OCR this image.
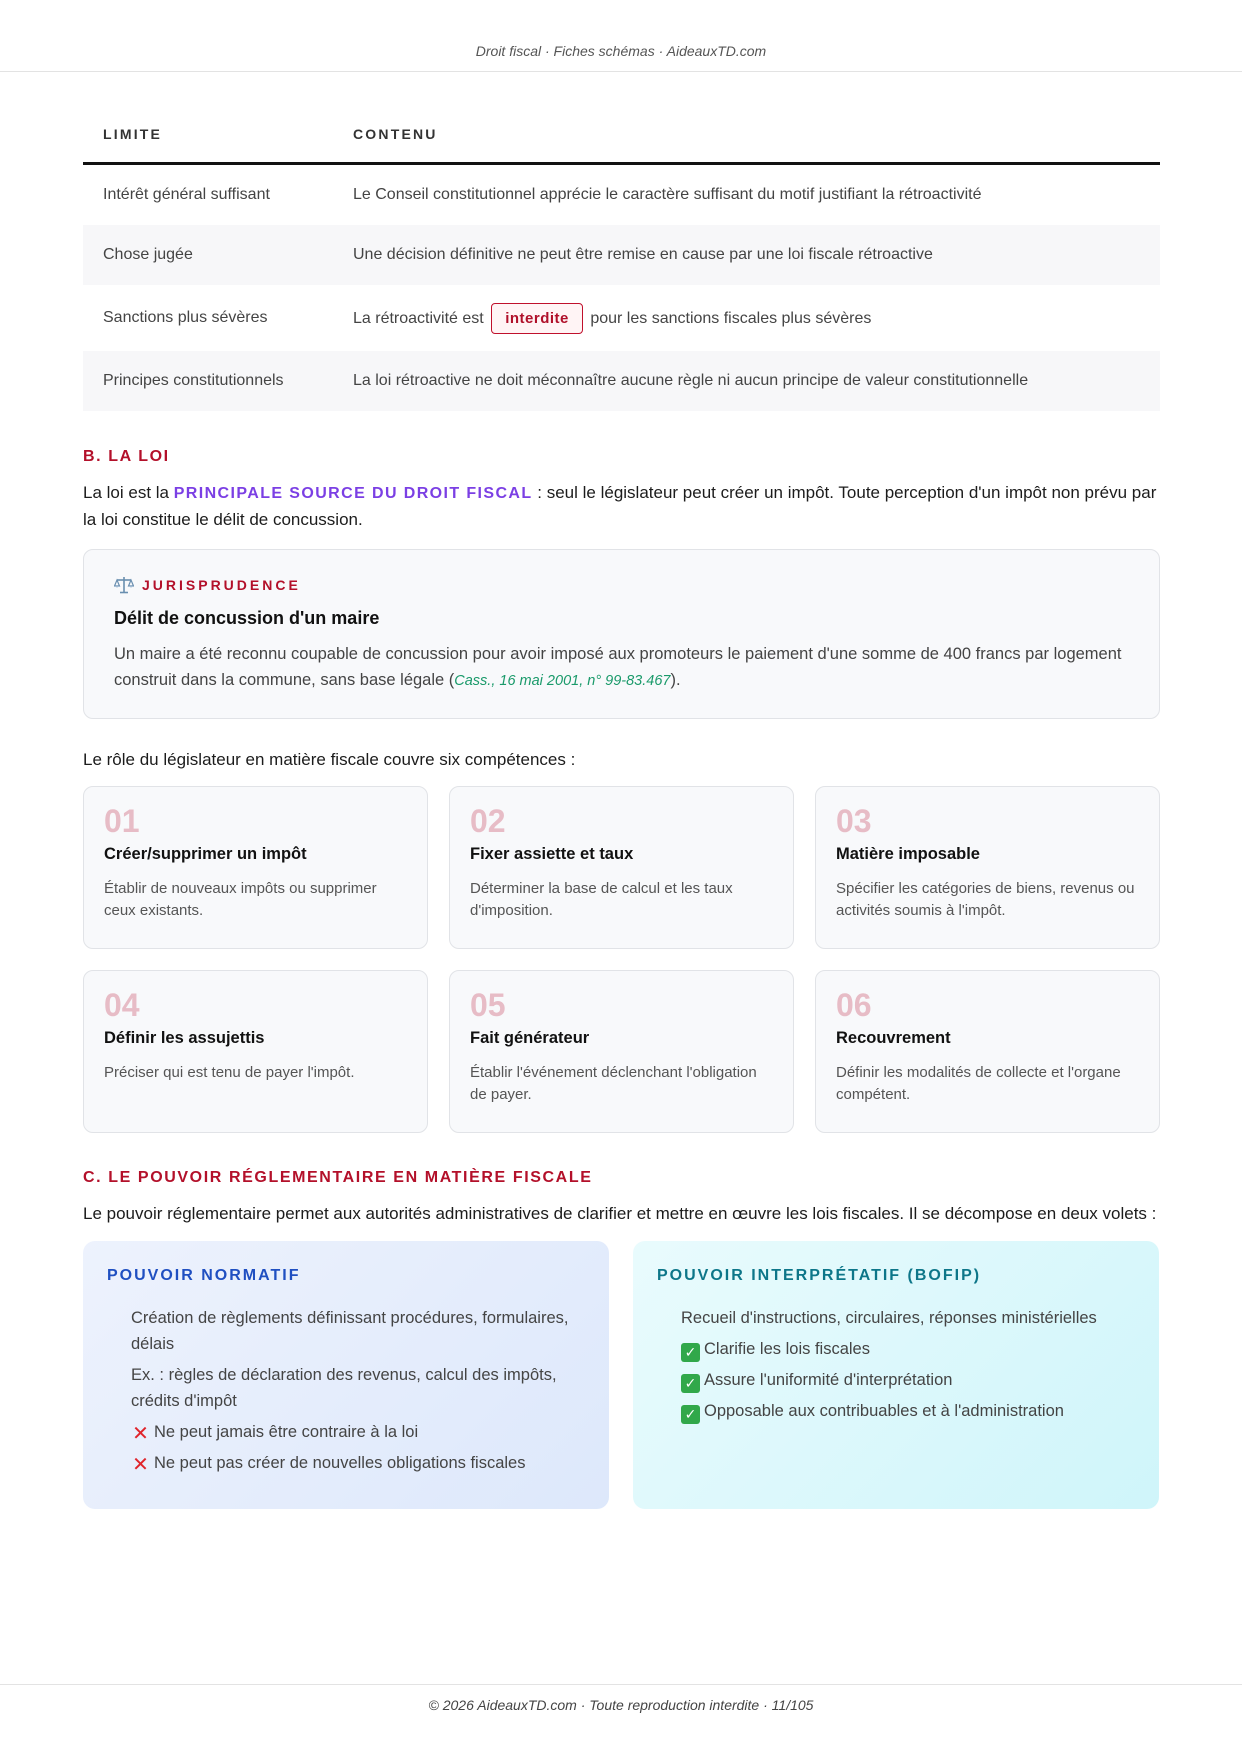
Droit fiscal · Fiches schémas · AideauxTD.com
LIMITE	CONTENU
Intérêt général suffisant	Le Conseil constitutionnel apprécie le caractère suffisant du motif justifiant la rétroactivité
Chose jugée	Une décision définitive ne peut être remise en cause par une loi fiscale rétroactive
Sanctions plus sévères	La rétroactivité est interdite pour les sanctions fiscales plus sévères
Principes constitutionnels	La loi rétroactive ne doit méconnaître aucune règle ni aucun principe de valeur constitutionnelle
B. LA LOI

La loi est la PRINCIPALE SOURCE DU DROIT FISCAL : seul le législateur peut créer un impôt. Toute perception d'un impôt non prévu par la loi constitue le délit de concussion.

JURISPRUDENCE
Délit de concussion d'un maire

Un maire a été reconnu coupable de concussion pour avoir imposé aux promoteurs le paiement d'une somme de 400 francs par logement construit dans la commune, sans base légale (Cass., 16 mai 2001, n° 99-83.467).

Le rôle du législateur en matière fiscale couvre six compétences :

01
Créer/supprimer un impôt
Établir de nouveaux impôts ou supprimer ceux existants.
02
Fixer assiette et taux
Déterminer la base de calcul et les taux d'imposition.
03
Matière imposable
Spécifier les catégories de biens, revenus ou activités soumis à l'impôt.
04
Définir les assujettis
Préciser qui est tenu de payer l'impôt.
05
Fait générateur
Établir l'événement déclenchant l'obligation de payer.
06
Recouvrement
Définir les modalités de collecte et l'organe compétent.
C. LE POUVOIR RÉGLEMENTAIRE EN MATIÈRE FISCALE

Le pouvoir réglementaire permet aux autorités administratives de clarifier et mettre en œuvre les lois fiscales. Il se décompose en deux volets :

POUVOIR NORMATIF
Création de règlements définissant procédures, formulaires, délais
Ex. : règles de déclaration des revenus, calcul des impôts, crédits d'impôt
✕ Ne peut jamais être contraire à la loi
✕ Ne peut pas créer de nouvelles obligations fiscales
POUVOIR INTERPRÉTATIF (BOFIP)
Recueil d'instructions, circulaires, réponses ministérielles
✓ Clarifie les lois fiscales
✓ Assure l'uniformité d'interprétation
✓ Opposable aux contribuables et à l'administration
© 2026 AideauxTD.com · Toute reproduction interdite · 11/105
